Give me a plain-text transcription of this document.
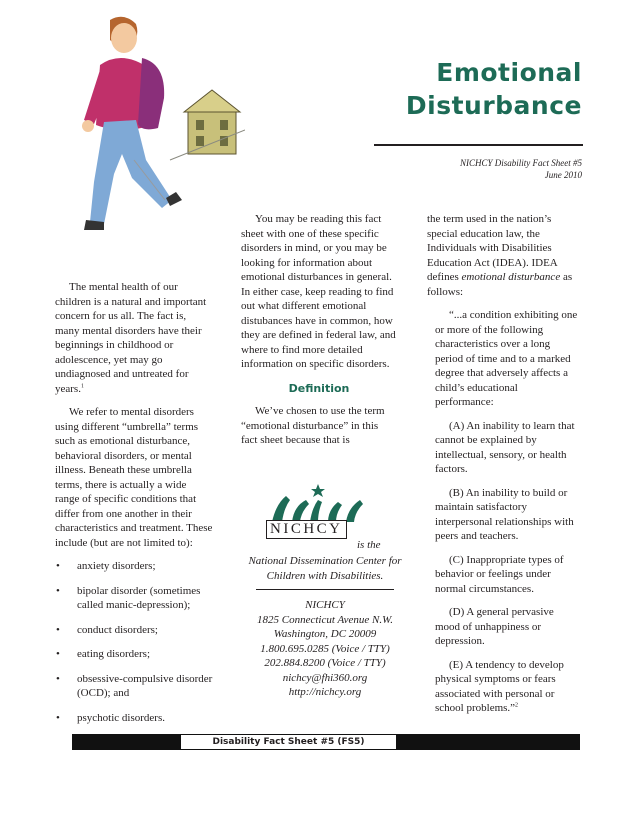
Emotional
Disturbance
NICHCY Disability Fact Sheet #5
June 2010

The mental health of our children is a natural and important concern for us all. The fact is, many mental disorders have their beginnings in childhood or adolescence, yet may go undiagnosed and untreated for years.$^1$

We refer to mental disorders using different “umbrella” terms such as emotional disturbance, behavioral disorders, or mental illness. Beneath these umbrella terms, there is actually a wide range of specific conditions that differ from one another in their characteristics and treatment. These include (but are not limited to):

• anxiety disorders;
• bipolar disorder (sometimes called manic-depression);
• conduct disorders;
• eating disorders;
• obsessive-compulsive disorder (OCD); and
• psychotic disorders.

You may be reading this fact sheet with one of these specific disorders in mind, or you may be looking for information about emotional disturbances in general. In either case, keep reading to find out what different emotional distubances have in common, how they are defined in federal law, and where to find more detailed information on specific disorders.

Definition

We’ve chosen to use the term “emotional disturbance” in this fact sheet because that is

NICHCY
is the
National Dissemination Center for Children with Disabilities.
NICHCY
1825 Connecticut Avenue N.W.
Washington, DC 20009
1.800.695.0285 (Voice / TTY)
202.884.8200 (Voice / TTY)
nichcy@fhi360.org
http://nichcy.org

the term used in the nation’s special education law, the Individuals with Disabilities Education Act (IDEA). IDEA defines emotional disturbance as follows:

“...a condition exhibiting one or more of the following characteristics over a long period of time and to a marked degree that adversely affects a child’s educational performance:

(A) An inability to learn that cannot be explained by intellectual, sensory, or health factors.

(B) An inability to build or maintain satisfactory interpersonal relationships with peers and teachers.

(C) Inappropriate types of behavior or feelings under normal circumstances.

(D) A general pervasive mood of unhappiness or depression.

(E) A tendency to develop physical symptoms or fears associated with personal or school problems.”$^2$

Disability Fact Sheet #5 (FS5)
